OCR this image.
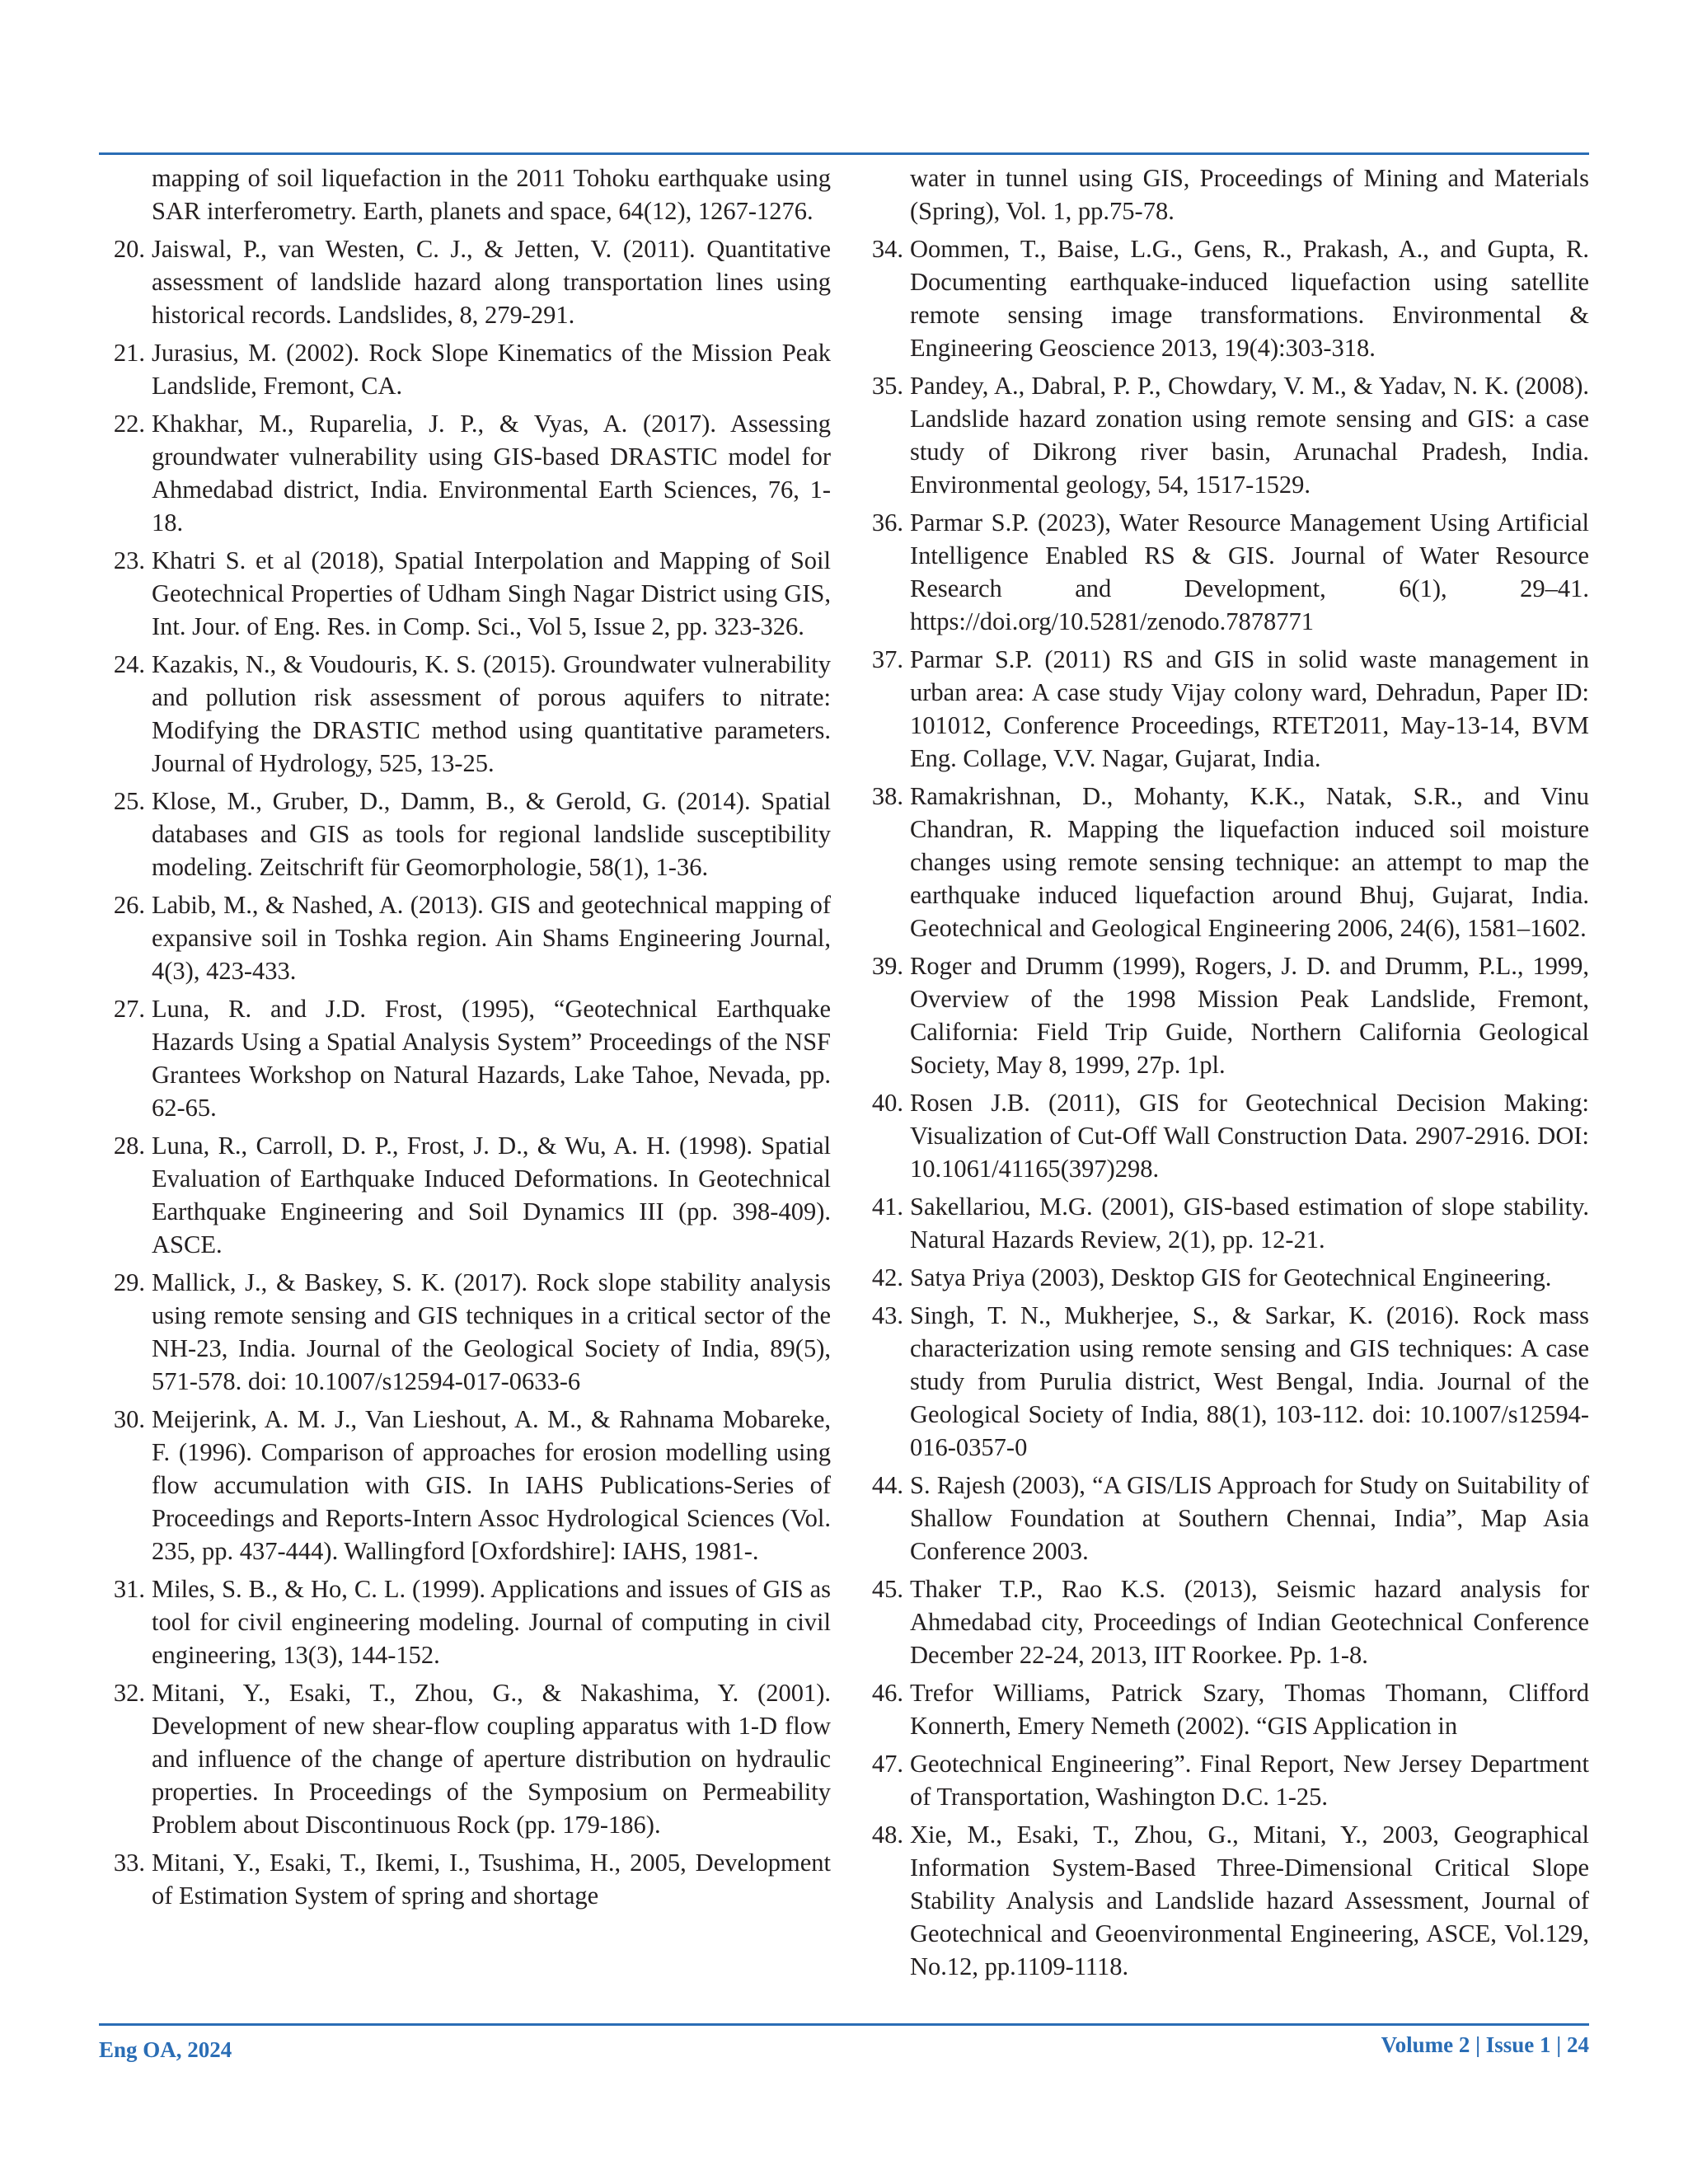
mapping of soil liquefaction in the 2011 Tohoku earthquake using SAR interferometry. Earth, planets and space, 64(12), 1267-1276.
20. Jaiswal, P., van Westen, C. J., & Jetten, V. (2011). Quantitative assessment of landslide hazard along transportation lines using historical records. Landslides, 8, 279-291.
21. Jurasius, M. (2002). Rock Slope Kinematics of the Mission Peak Landslide, Fremont, CA.
22. Khakhar, M., Ruparelia, J. P., & Vyas, A. (2017). Assessing groundwater vulnerability using GIS-based DRASTIC model for Ahmedabad district, India. Environmental Earth Sciences, 76, 1-18.
23. Khatri S. et al (2018), Spatial Interpolation and Mapping of Soil Geotechnical Properties of Udham Singh Nagar District using GIS, Int. Jour. of Eng. Res. in Comp. Sci., Vol 5, Issue 2, pp. 323-326.
24. Kazakis, N., & Voudouris, K. S. (2015). Groundwater vulnerability and pollution risk assessment of porous aquifers to nitrate: Modifying the DRASTIC method using quantitative parameters. Journal of Hydrology, 525, 13-25.
25. Klose, M., Gruber, D., Damm, B., & Gerold, G. (2014). Spatial databases and GIS as tools for regional landslide susceptibility modeling. Zeitschrift für Geomorphologie, 58(1), 1-36.
26. Labib, M., & Nashed, A. (2013). GIS and geotechnical mapping of expansive soil in Toshka region. Ain Shams Engineering Journal, 4(3), 423-433.
27. Luna, R. and J.D. Frost, (1995), “Geotechnical Earthquake Hazards Using a Spatial Analysis System” Proceedings of the NSF Grantees Workshop on Natural Hazards, Lake Tahoe, Nevada, pp. 62-65.
28. Luna, R., Carroll, D. P., Frost, J. D., & Wu, A. H. (1998). Spatial Evaluation of Earthquake Induced Deformations. In Geotechnical Earthquake Engineering and Soil Dynamics III (pp. 398-409). ASCE.
29. Mallick, J., & Baskey, S. K. (2017). Rock slope stability analysis using remote sensing and GIS techniques in a critical sector of the NH-23, India. Journal of the Geological Society of India, 89(5), 571-578. doi: 10.1007/s12594-017-0633-6
30. Meijerink, A. M. J., Van Lieshout, A. M., & Rahnama Mobareke, F. (1996). Comparison of approaches for erosion modelling using flow accumulation with GIS. In IAHS Publications-Series of Proceedings and Reports-Intern Assoc Hydrological Sciences (Vol. 235, pp. 437-444). Wallingford [Oxfordshire]: IAHS, 1981-.
31. Miles, S. B., & Ho, C. L. (1999). Applications and issues of GIS as tool for civil engineering modeling. Journal of computing in civil engineering, 13(3), 144-152.
32. Mitani, Y., Esaki, T., Zhou, G., & Nakashima, Y. (2001). Development of new shear-flow coupling apparatus with 1-D flow and influence of the change of aperture distribution on hydraulic properties. In Proceedings of the Symposium on Permeability Problem about Discontinuous Rock (pp. 179-186).
33. Mitani, Y., Esaki, T., Ikemi, I., Tsushima, H., 2005, Development of Estimation System of spring and shortage
water in tunnel using GIS, Proceedings of Mining and Materials (Spring), Vol. 1, pp.75-78.
34. Oommen, T., Baise, L.G., Gens, R., Prakash, A., and Gupta, R. Documenting earthquake-induced liquefaction using satellite remote sensing image transformations. Environmental & Engineering Geoscience 2013, 19(4):303-318.
35. Pandey, A., Dabral, P. P., Chowdary, V. M., & Yadav, N. K. (2008). Landslide hazard zonation using remote sensing and GIS: a case study of Dikrong river basin, Arunachal Pradesh, India. Environmental geology, 54, 1517-1529.
36. Parmar S.P. (2023), Water Resource Management Using Artificial Intelligence Enabled RS & GIS. Journal of Water Resource Research and Development, 6(1), 29–41. https://doi.org/10.5281/zenodo.7878771
37. Parmar S.P. (2011) RS and GIS in solid waste management in urban area: A case study Vijay colony ward, Dehradun, Paper ID: 101012, Conference Proceedings, RTET2011, May-13-14, BVM Eng. Collage, V.V. Nagar, Gujarat, India.
38. Ramakrishnan, D., Mohanty, K.K., Natak, S.R., and Vinu Chandran, R. Mapping the liquefaction induced soil moisture changes using remote sensing technique: an attempt to map the earthquake induced liquefaction around Bhuj, Gujarat, India. Geotechnical and Geological Engineering 2006, 24(6), 1581–1602.
39. Roger and Drumm (1999), Rogers, J. D. and Drumm, P.L., 1999, Overview of the 1998 Mission Peak Landslide, Fremont, California: Field Trip Guide, Northern California Geological Society, May 8, 1999, 27p. 1pl.
40. Rosen J.B. (2011), GIS for Geotechnical Decision Making: Visualization of Cut-Off Wall Construction Data. 2907-2916. DOI: 10.1061/41165(397)298.
41. Sakellariou, M.G. (2001), GIS-based estimation of slope stability. Natural Hazards Review, 2(1), pp. 12-21.
42. Satya Priya (2003), Desktop GIS for Geotechnical Engineering.
43. Singh, T. N., Mukherjee, S., & Sarkar, K. (2016). Rock mass characterization using remote sensing and GIS techniques: A case study from Purulia district, West Bengal, India. Journal of the Geological Society of India, 88(1), 103-112. doi: 10.1007/s12594-016-0357-0
44. S. Rajesh (2003), “A GIS/LIS Approach for Study on Suitability of Shallow Foundation at Southern Chennai, India”, Map Asia Conference 2003.
45. Thaker T.P., Rao K.S. (2013), Seismic hazard analysis for Ahmedabad city, Proceedings of Indian Geotechnical Conference December 22-24, 2013, IIT Roorkee. Pp. 1-8.
46. Trefor Williams, Patrick Szary, Thomas Thomann, Clifford Konnerth, Emery Nemeth (2002). “GIS Application in
47. Geotechnical Engineering”. Final Report, New Jersey Department of Transportation, Washington D.C. 1-25.
48. Xie, M., Esaki, T., Zhou, G., Mitani, Y., 2003, Geographical Information System-Based Three-Dimensional Critical Slope Stability Analysis and Landslide hazard Assessment, Journal of Geotechnical and Geoenvironmental Engineering, ASCE, Vol.129, No.12, pp.1109-1118.
Eng OA, 2024	Volume 2 | Issue 1 | 24
